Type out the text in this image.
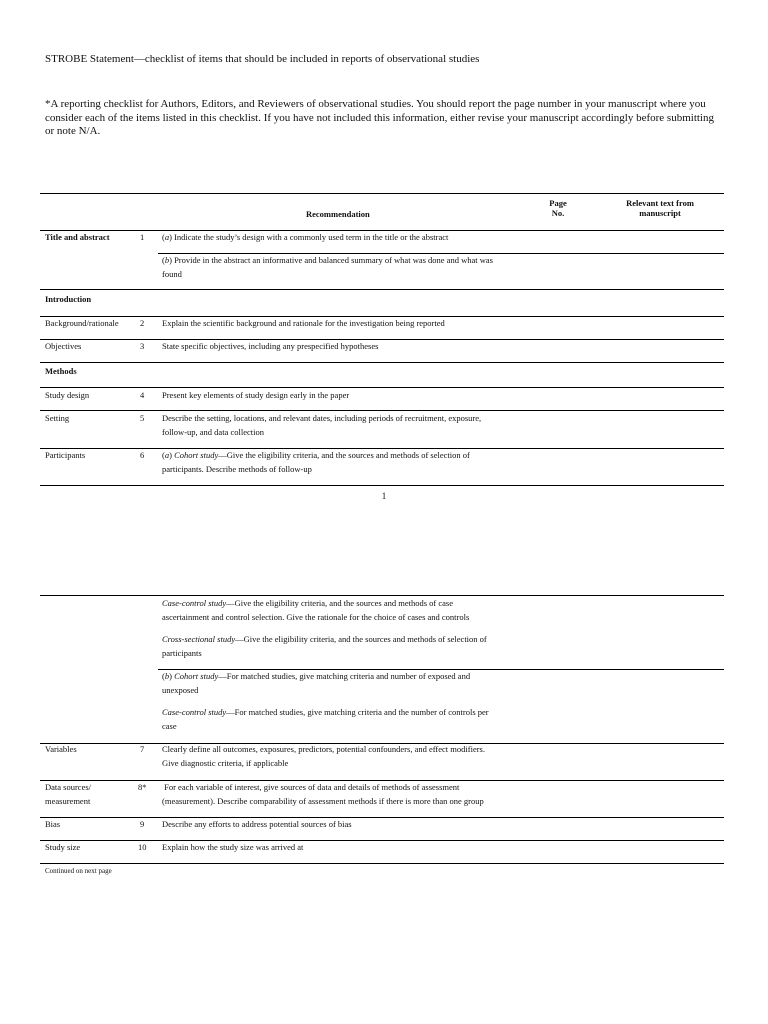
STROBE Statement—checklist of items that should be included in reports of observational studies
*A reporting checklist for Authors, Editors, and Reviewers of observational studies. You should report the page number in your manuscript where you consider each of the items listed in this checklist. If you have not included this information, either revise your manuscript accordingly before submitting or note N/A.
Recommendation
Page
No.
Relevant text from
manuscript
Title and abstract	1 (a) Indicate the study’s design with a commonly used term in the title or the abstract
(b) Provide in the abstract an informative and balanced summary of what was done and what was
found
Introduction
Background/rationale	2 Explain the scientific background and rationale for the investigation being reported
Objectives	3 State specific objectives, including any prespecified hypotheses
Methods
Study design	4 Present key elements of study design early in the paper
Setting	5 Describe the setting, locations, and relevant dates, including periods of recruitment, exposure,
follow-up, and data collection
Participants	6 (a) Cohort study—Give the eligibility criteria, and the sources and methods of selection of
participants. Describe methods of follow-up
1
Case-control study—Give the eligibility criteria, and the sources and methods of case
ascertainment and control selection. Give the rationale for the choice of cases and controls
Cross-sectional study—Give the eligibility criteria, and the sources and methods of selection of
participants
(b) Cohort study—For matched studies, give matching criteria and number of exposed and
unexposed
Case-control study—For matched studies, give matching criteria and the number of controls per
case
Variables	7 Clearly define all outcomes, exposures, predictors, potential confounders, and effect modifiers.
Give diagnostic criteria, if applicable
Data sources/
measurement
8* For each variable of interest, give sources of data and details of methods of assessment
(measurement). Describe comparability of assessment methods if there is more than one group
Bias	9 Describe any efforts to address potential sources of bias
Study size	10 Explain how the study size was arrived at
Continued on next page
